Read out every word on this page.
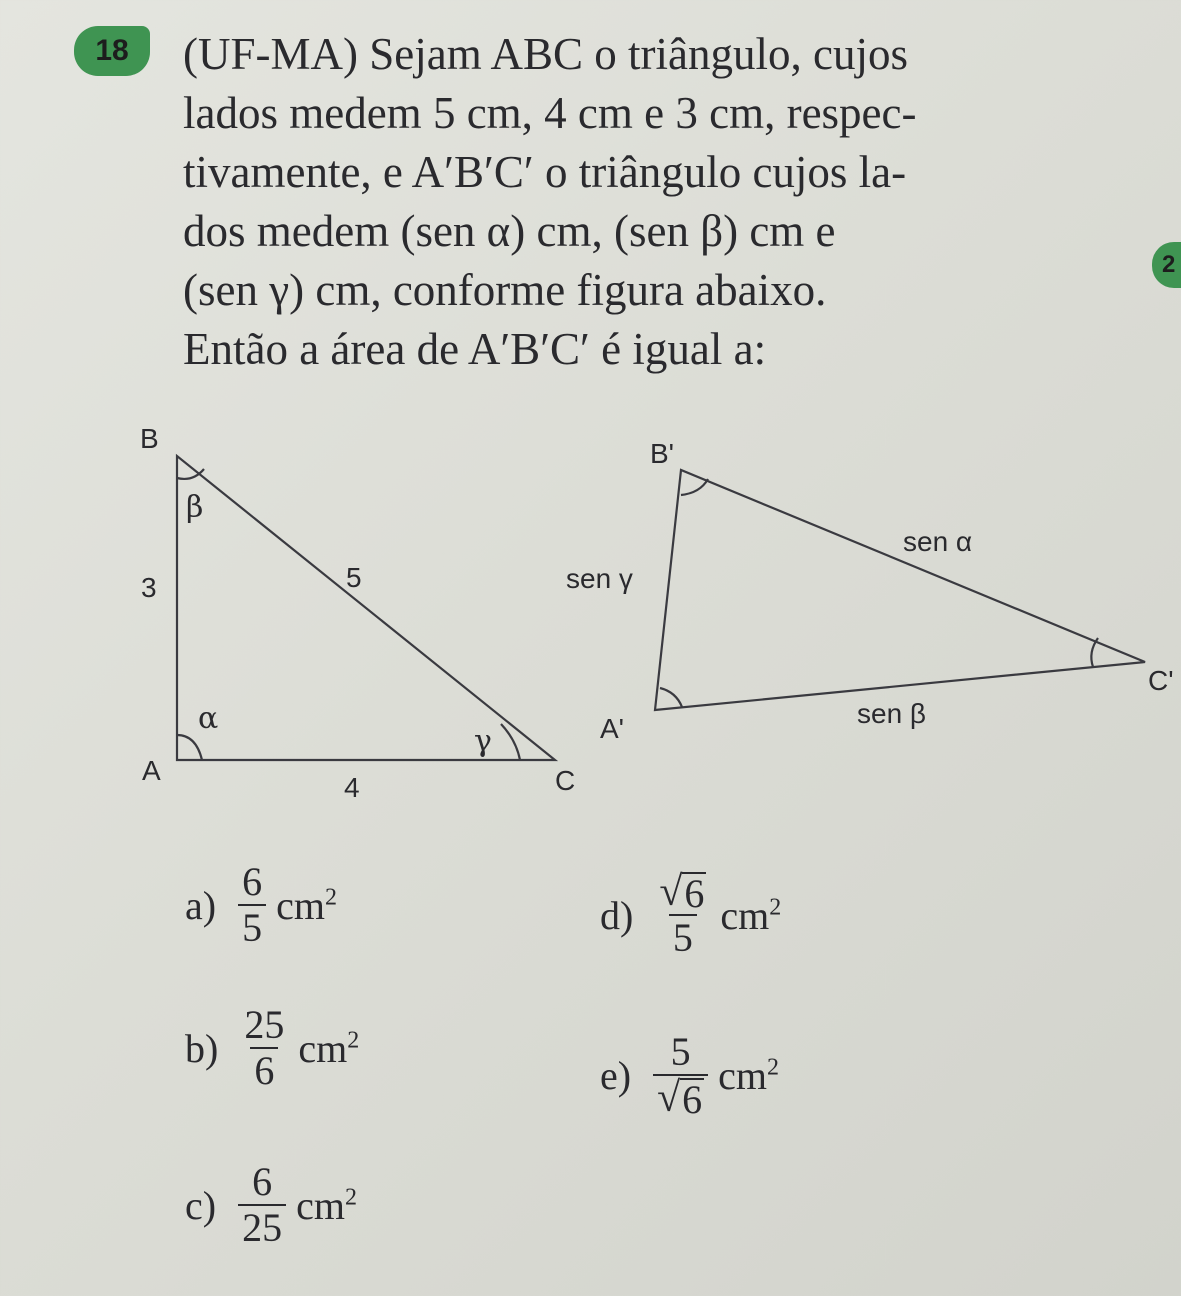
18
2
(UF-MA) Sejam ABC o triângulo, cujos
lados medem 5 cm, 4 cm e 3 cm, respec-
tivamente, e A′B′C′ o triângulo cujos la-
dos medem (sen α) cm, (sen β) cm e
(sen γ) cm, conforme figura abaixo.
Então a área de A′B′C′ é igual a:
B
A	C
3	5
4
B'
A'
C'
sen γ
sen α
sen β
β
α
γ
$a) \frac{6}{5} cm^2$
$b) \frac{25}{6} cm^2$
$c) \frac{6}{25} cm^2$
$d) \frac{√ 6}{5} cm^2$
$e) \frac{5}{√ 6} cm^2$
